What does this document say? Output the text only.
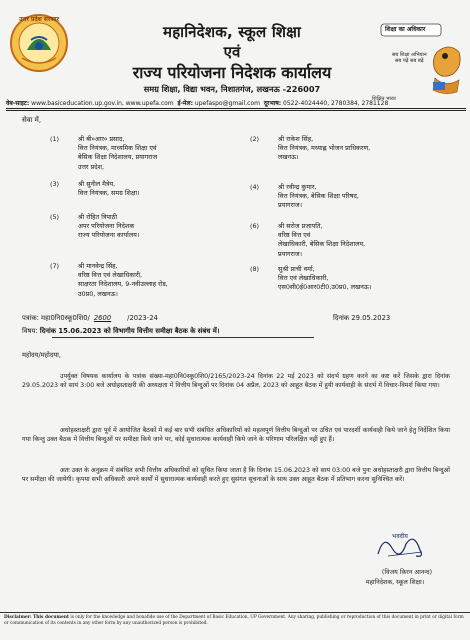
उत्तर प्रदेश सरकार
महानिदेशक, स्कूल शिक्षा
एवं
राज्य परियोजना निदेशक कार्यालय
समग्र शिक्षा, विद्या भवन, निशातगंज, लखनऊ -226007
शिक्षा का अधिकार
सब शिक्षा अभियान
सब पढ़ें सब बढ़ें
शिक्षित भारत
वेब-साइट: www.basiceducation.up.gov.in, www.upefa.com ई-मेल: upefaspo@gmail.com दूरभाष: 0522-4024440, 2780384, 2781128
सेवा में,
(1)	श्री बी०आर० प्रसाद,
वित्त नियंत्रक, माध्यमिक शिक्षा एवं
बेसिक शिक्षा निदेशालय, प्रयागराज
उत्तर प्रदेश,
(2)	श्री राकेश सिंह,
वित्त नियंत्रक, मध्याह्न भोजन प्राधिकरण,
लखनऊ।
(3)	श्री सुनील मैत्रेय,
वित्त नियंत्रक, समग्र शिक्षा।
(4)	श्री रवीन्द्र कुमार,
वित्त नियंत्रक, बेसिक शिक्षा परिषद,
प्रयागराज।
(5)	श्री रोहित त्रिपाठी
अपर परियोजना निदेशक
राज्य परियोजना कार्यालय।
(6)	श्री सरोज प्रजापति,
वरिष्ठ वित्त एवं
लेखाधिकारी, बेसिक शिक्षा निदेशालय,
प्रयागराज।
(7)	श्री मानवेन्द्र सिंह,
वरिष्ठ वित्त एवं लेखाधिकारी,
साक्षरता निदेशालय, 9-नवीउल्लाह रोड,
उ0प्र0, लखनऊ।
(8)	सुश्री प्राची वर्मा,
वित्त एवं लेखाधिकारी,
एस0सी0ई0आर0टी0,उ0प्र0, लखनऊ।
पत्रांक: महा0नि0स्कू0शि0/ 2600 /2023-24	दिनांक 29.05.2023
विषय: दिनांक 15.06.2023 को विभागीय वित्तीय समीक्षा बैठक के संबंध में।
महोदय/महोदया,
उपर्युक्त विषयक कार्यालय के पत्रांक संख्या-महा0नि0स्कू0शि0/2165/2023-24 दिनांक 22 मई 2023 को संदर्भ ग्रहण करने का कष्ट करें जिसके द्वारा दिनांक 29.05.2023 को सायं 3:00 बजे अधोहस्ताक्षरी की अध्यक्षता में वित्तीय बिन्दुओं पर दिनांक 04 अप्रैल, 2023 को आहूत बैठक में हुयी कार्यवाही के संदर्भ में विचार-विमर्श किया गया।
अधोहस्ताक्षरी द्वारा पूर्व में आयोजित बैठकों में कई बार सभी संबंधित अधिकारियों को महत्वपूर्ण वित्तीय बिन्दुओं पर उचित एवं पारदर्शी कार्यवाही किये जाने हेतु निर्देशित किया गया किन्तु उक्त बैठक में वित्तीय बिन्दुओं पर समीक्षा किये जाने पर, कोई सुधारात्मक कार्यवाही किये जाने के परिणाम परिलक्षित नहीं हुए हैं।
अतः उक्त के अनुक्रम में संबंधित सभी वित्तीय अधिकारियों को सूचित किया जाता है कि दिनांक 15.06.2023 को सायं 03:00 बजे पुनः अधोहस्ताक्षरी द्वारा वित्तीय बिन्दुओं पर समीक्षा की जायेगी। कृपया सभी अधिकारी अपने कार्यों में सुधारात्मक कार्यवाही करते हुए सुसंगत सूचनाओं के साथ उक्त आहूत बैठक में प्रतिभाग करना सुनिश्चित करें।
भवदीय
(विजय किरन आनन्द)
महानिदेशक, स्कूल शिक्षा।
Disclaimer: This document is only for the knowledge and bonafide use of the Department of Basic Education, UP Government. Any sharing, publishing or reproduction of this document in print or digital form or communication of its contents in any other form by any unauthorized person is prohibited.
